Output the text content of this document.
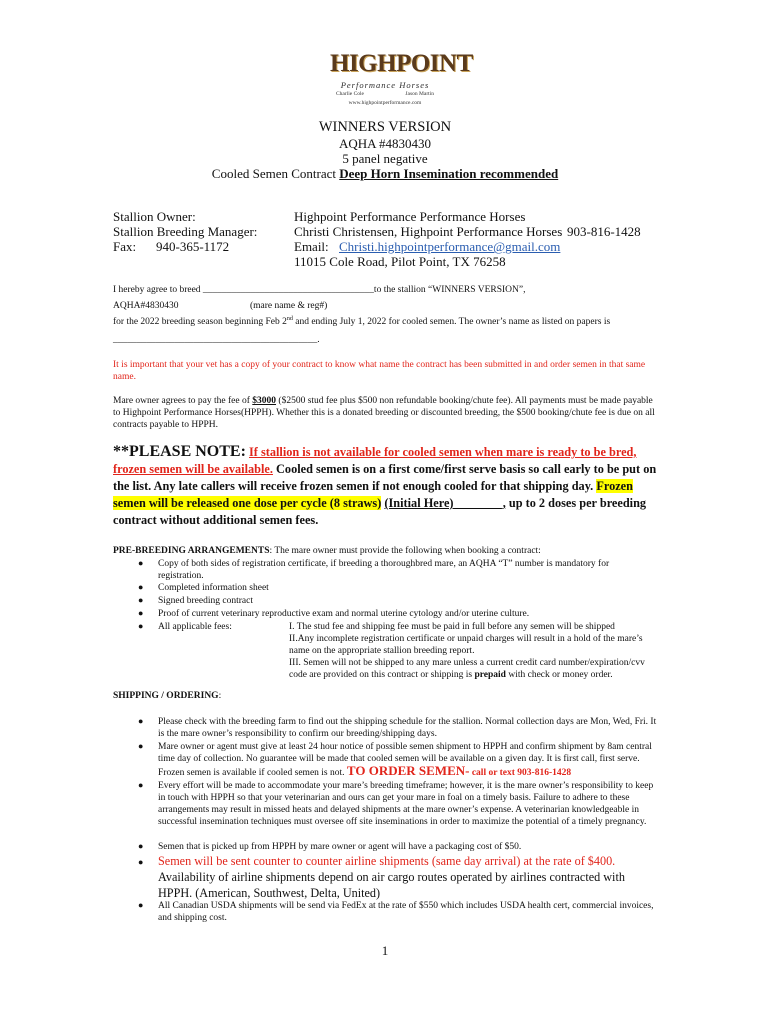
HIGHPOINT
Performance Horses
Charlie Cole	Jason Martin
www.highpointperformance.com
WINNERS VERSION
AQHA #4830430
5 panel negative
Cooled Semen Contract Deep Horn Insemination recommended
Stallion Owner:	Highpoint Performance Performance Horses
Stallion Breeding Manager:	Christi Christensen, Highpoint Performance Horses 903-816-1428
Fax: 940-365-1172	Email: Christi.highpointperformance@gmail.com
11015 Cole Road, Pilot Point, TX 76258
I hereby agree to breed ____________________________________to the stallion “WINNERS VERSION”,
AQHA#4830430	(mare name & reg#)
for the 2022 breeding season beginning Feb 2nd and ending July 1, 2022 for cooled semen. The owner’s name as listed on papers is
___________________________________________.
It is important that your vet has a copy of your contract to know what name the contract has been submitted in and order semen in that same name.
Mare owner agrees to pay the fee of $3000 ($2500 stud fee plus $500 non refundable booking/chute fee). All payments must be made payable to Highpoint Performance Horses(HPPH). Whether this is a donated breeding or discounted breeding, the $500 booking/chute fee is due on all contracts payable to HPPH.
**PLEASE NOTE: If stallion is not available for cooled semen when mare is ready to be bred, frozen semen will be available. Cooled semen is on a first come/first serve basis so call early to be put on the list. Any late callers will receive frozen semen if not enough cooled for that shipping day. Frozen semen will be released one dose per cycle (8 straws) (Initial Here)________, up to 2 doses per breeding contract without additional semen fees.
PRE-BREEDING ARRANGEMENTS: The mare owner must provide the following when booking a contract:
● Copy of both sides of registration certificate, if breeding a thoroughbred mare, an AQHA “T” number is mandatory for registration.
● Completed information sheet
● Signed breeding contract
● Proof of current veterinary reproductive exam and normal uterine cytology and/or uterine culture.
● All applicable fees:	I. The stud fee and shipping fee must be paid in full before any semen will be shipped
II.Any incomplete registration certificate or unpaid charges will result in a hold of the mare’s name on the appropriate stallion breeding report.
III. Semen will not be shipped to any mare unless a current credit card number/expiration/cvv code are provided on this contract or shipping is prepaid with check or money order.
SHIPPING / ORDERING:
● Please check with the breeding farm to find out the shipping schedule for the stallion. Normal collection days are Mon, Wed, Fri. It is the mare owner’s responsibility to confirm our breeding/shipping days.
● Mare owner or agent must give at least 24 hour notice of possible semen shipment to HPPH and confirm shipment by 8am central time day of collection. No guarantee will be made that cooled semen will be available on a given day. It is first call, first serve. Frozen semen is available if cooled semen is not. TO ORDER SEMEN- call or text 903-816-1428
● Every effort will be made to accommodate your mare’s breeding timeframe; however, it is the mare owner’s responsibility to keep in touch with HPPH so that your veterinarian and ours can get your mare in foal on a timely basis. Failure to adhere to these arrangements may result in missed heats and delayed shipments at the mare owner’s expense. A veterinarian knowledgeable in successful insemination techniques must oversee off site inseminations in order to maximize the potential of a timely pregnancy.
● Semen that is picked up from HPPH by mare owner or agent will have a packaging cost of $50.
● Semen will be sent counter to counter airline shipments (same day arrival) at the rate of $400. Availability of airline shipments depend on air cargo routes operated by airlines contracted with HPPH. (American, Southwest, Delta, United)
● All Canadian USDA shipments will be send via FedEx at the rate of $550 which includes USDA health cert, commercial invoices, and shipping cost.
1
